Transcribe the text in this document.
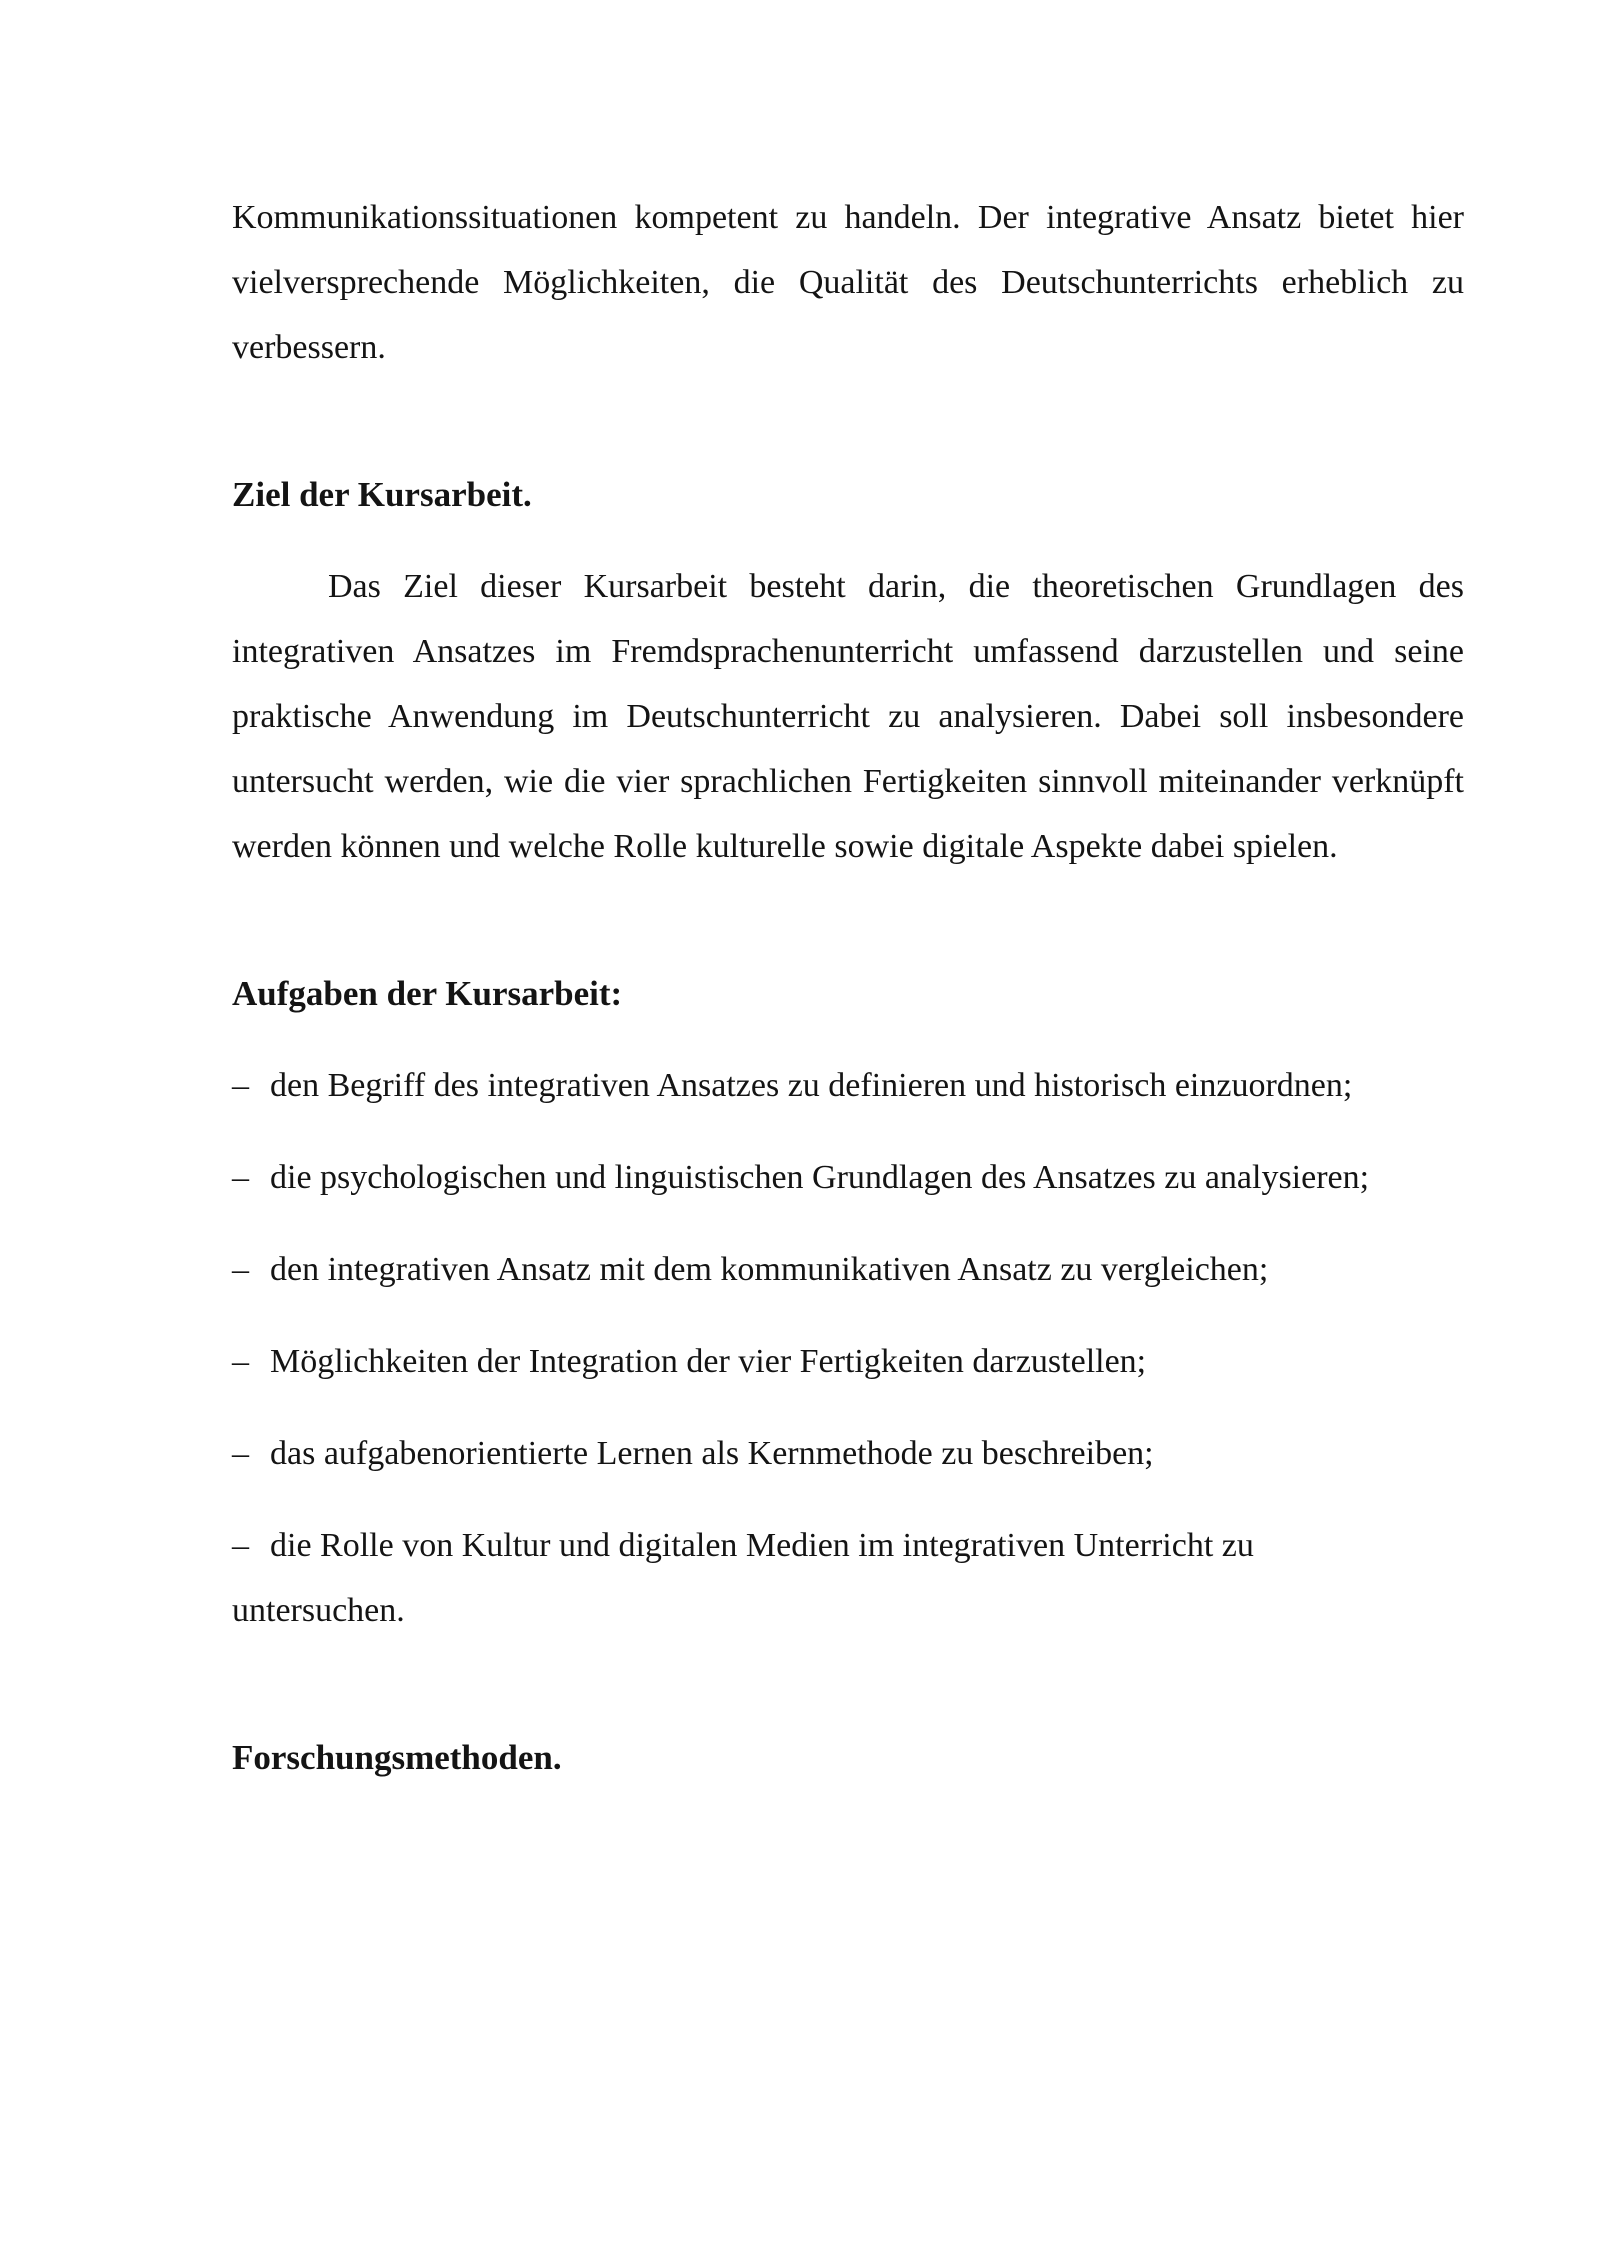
Kommunikationssituationen kompetent zu handeln. Der integrative Ansatz bietet hier vielversprechende Möglichkeiten, die Qualität des Deutschunterrichts erheblich zu verbessern.

Ziel der Kursarbeit.

Das Ziel dieser Kursarbeit besteht darin, die theoretischen Grundlagen des integrativen Ansatzes im Fremdsprachenunterricht umfassend darzustellen und seine praktische Anwendung im Deutschunterricht zu analysieren. Dabei soll insbesondere untersucht werden, wie die vier sprachlichen Fertigkeiten sinnvoll miteinander verknüpft werden können und welche Rolle kulturelle sowie digitale Aspekte dabei spielen.

Aufgaben der Kursarbeit:

– den Begriff des integrativen Ansatzes zu definieren und historisch einzuordnen;
– die psychologischen und linguistischen Grundlagen des Ansatzes zu analysieren;
– den integrativen Ansatz mit dem kommunikativen Ansatz zu vergleichen;
– Möglichkeiten der Integration der vier Fertigkeiten darzustellen;
– das aufgabenorientierte Lernen als Kernmethode zu beschreiben;
– die Rolle von Kultur und digitalen Medien im integrativen Unterricht zu untersuchen.

Forschungsmethoden.
